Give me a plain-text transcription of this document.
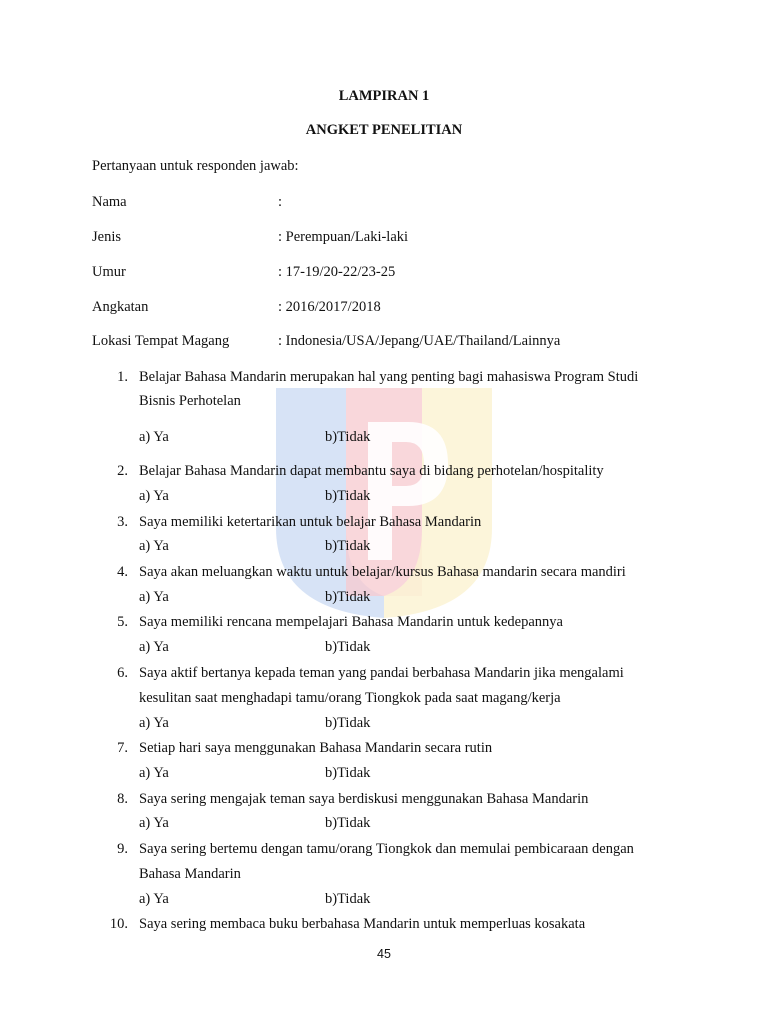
LAMPIRAN 1
ANGKET PENELITIAN
Pertanyaan untuk responden jawab:
Nama	:
Jenis	: Perempuan/Laki-laki
Umur	: 17-19/20-22/23-25
Angkatan	: 2016/2017/2018
Lokasi Tempat Magang	: Indonesia/USA/Jepang/UAE/Thailand/Lainnya
1. Belajar Bahasa Mandarin merupakan hal yang penting bagi mahasiswa Program Studi
Bisnis Perhotelan
a) Ya	b)Tidak
2. Belajar Bahasa Mandarin dapat membantu saya di bidang perhotelan/hospitality
a) Ya	b)Tidak
3. Saya memiliki ketertarikan untuk belajar Bahasa Mandarin
a) Ya	b)Tidak
4. Saya akan meluangkan waktu untuk belajar/kursus Bahasa mandarin secara mandiri
a) Ya	b)Tidak
5. Saya memiliki rencana mempelajari Bahasa Mandarin untuk kedepannya
a) Ya	b)Tidak
6. Saya aktif bertanya kepada teman yang pandai berbahasa Mandarin jika mengalami
kesulitan saat menghadapi tamu/orang Tiongkok pada saat magang/kerja
a) Ya	b)Tidak
7. Setiap hari saya menggunakan Bahasa Mandarin secara rutin
a) Ya	b)Tidak
8. Saya sering mengajak teman saya berdiskusi menggunakan Bahasa Mandarin
a) Ya	b)Tidak
9. Saya sering bertemu dengan tamu/orang Tiongkok dan memulai pembicaraan dengan
Bahasa Mandarin
a) Ya	b)Tidak
10. Saya sering membaca buku berbahasa Mandarin untuk memperluas kosakata
45
